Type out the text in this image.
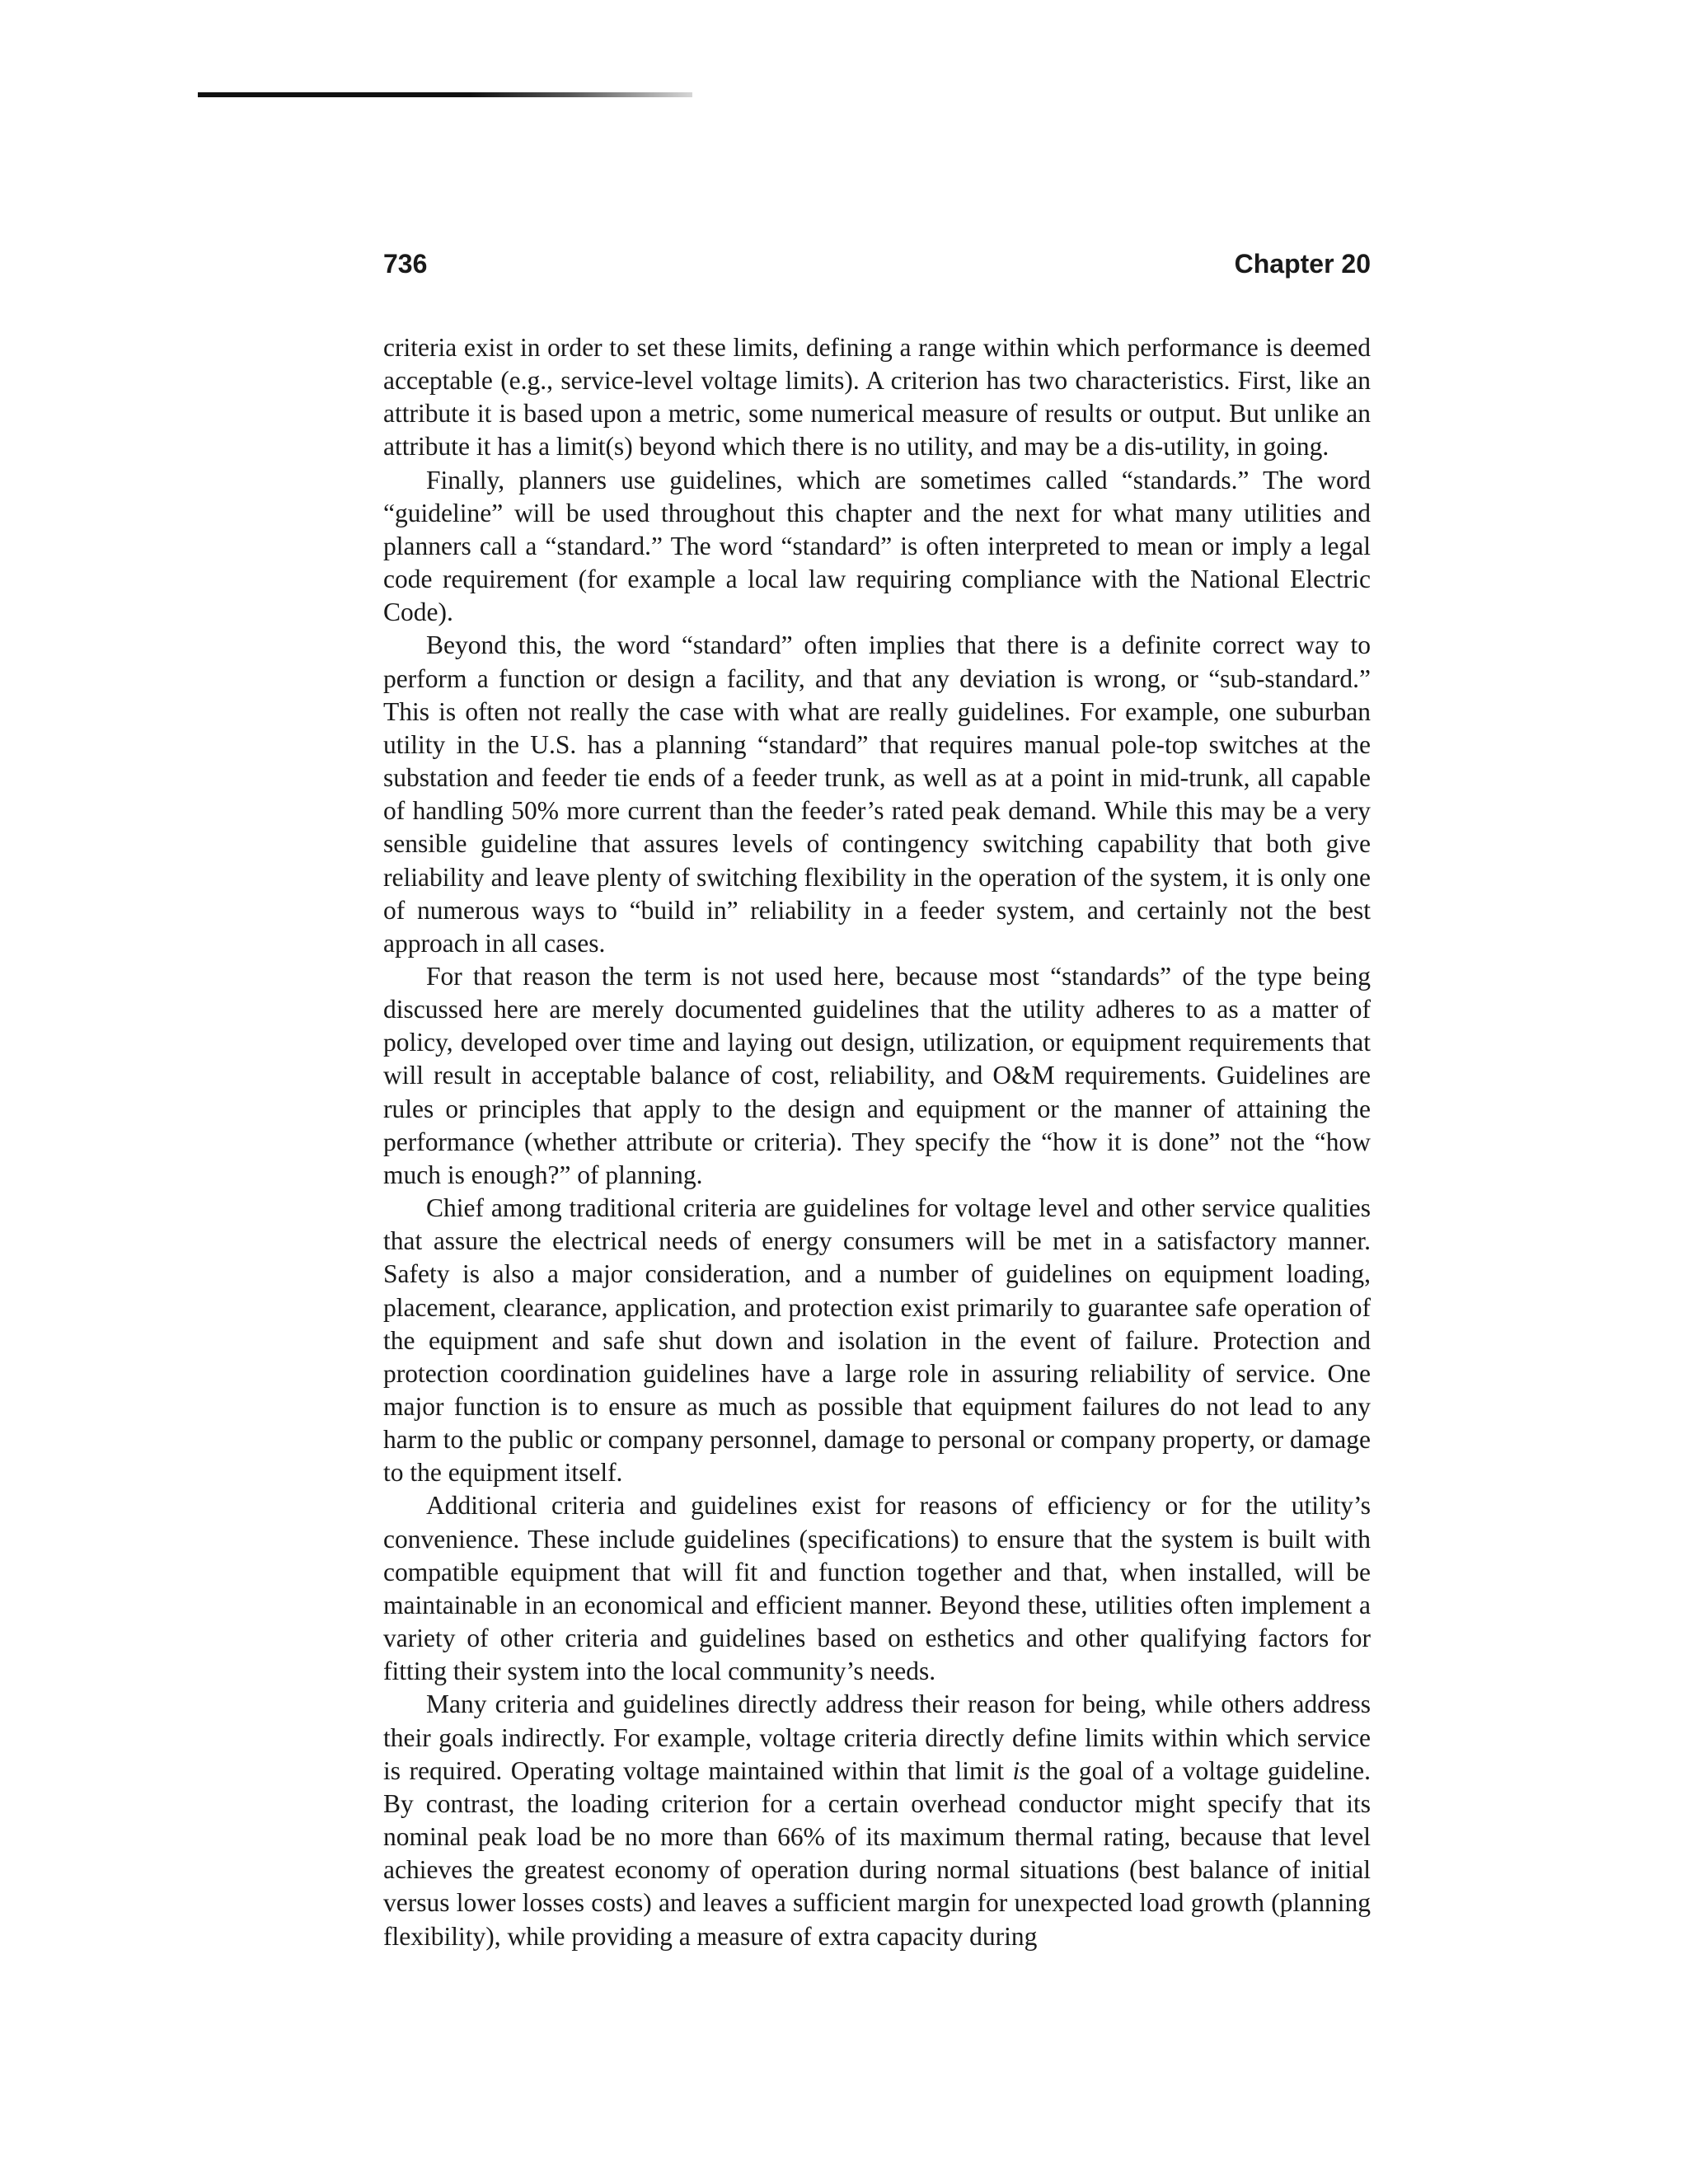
736	Chapter 20

criteria exist in order to set these limits, defining a range within which performance is deemed acceptable (e.g., service-level voltage limits). A criterion has two characteristics. First, like an attribute it is based upon a metric, some numerical measure of results or output. But unlike an attribute it has a limit(s) beyond which there is no utility, and may be a dis-utility, in going.

Finally, planners use guidelines, which are sometimes called “standards.” The word “guideline” will be used throughout this chapter and the next for what many utilities and planners call a “standard.” The word “standard” is often interpreted to mean or imply a legal code requirement (for example a local law requiring compliance with the National Electric Code).

Beyond this, the word “standard” often implies that there is a definite correct way to perform a function or design a facility, and that any deviation is wrong, or “sub-standard.” This is often not really the case with what are really guidelines. For example, one suburban utility in the U.S. has a planning “standard” that requires manual pole-top switches at the substation and feeder tie ends of a feeder trunk, as well as at a point in mid-trunk, all capable of handling 50% more current than the feeder’s rated peak demand. While this may be a very sensible guideline that assures levels of contingency switching capability that both give reliability and leave plenty of switching flexibility in the operation of the system, it is only one of numerous ways to “build in” reliability in a feeder system, and certainly not the best approach in all cases.

For that reason the term is not used here, because most “standards” of the type being discussed here are merely documented guidelines that the utility adheres to as a matter of policy, developed over time and laying out design, utilization, or equipment requirements that will result in acceptable balance of cost, reliability, and O&M requirements. Guidelines are rules or principles that apply to the design and equipment or the manner of attaining the performance (whether attribute or criteria). They specify the “how it is done” not the “how much is enough?” of planning.

Chief among traditional criteria are guidelines for voltage level and other service qualities that assure the electrical needs of energy consumers will be met in a satisfactory manner. Safety is also a major consideration, and a number of guidelines on equipment loading, placement, clearance, application, and protection exist primarily to guarantee safe operation of the equipment and safe shut down and isolation in the event of failure. Protection and protection coordination guidelines have a large role in assuring reliability of service. One major function is to ensure as much as possible that equipment failures do not lead to any harm to the public or company personnel, damage to personal or company property, or damage to the equipment itself.

Additional criteria and guidelines exist for reasons of efficiency or for the utility’s convenience. These include guidelines (specifications) to ensure that the system is built with compatible equipment that will fit and function together and that, when installed, will be maintainable in an economical and efficient manner. Beyond these, utilities often implement a variety of other criteria and guidelines based on esthetics and other qualifying factors for fitting their system into the local community’s needs.

Many criteria and guidelines directly address their reason for being, while others address their goals indirectly. For example, voltage criteria directly define limits within which service is required. Operating voltage maintained within that limit is the goal of a voltage guideline. By contrast, the loading criterion for a certain overhead conductor might specify that its nominal peak load be no more than 66% of its maximum thermal rating, because that level achieves the greatest economy of operation during normal situations (best balance of initial versus lower losses costs) and leaves a sufficient margin for unexpected load growth (planning flexibility), while providing a measure of extra capacity during
